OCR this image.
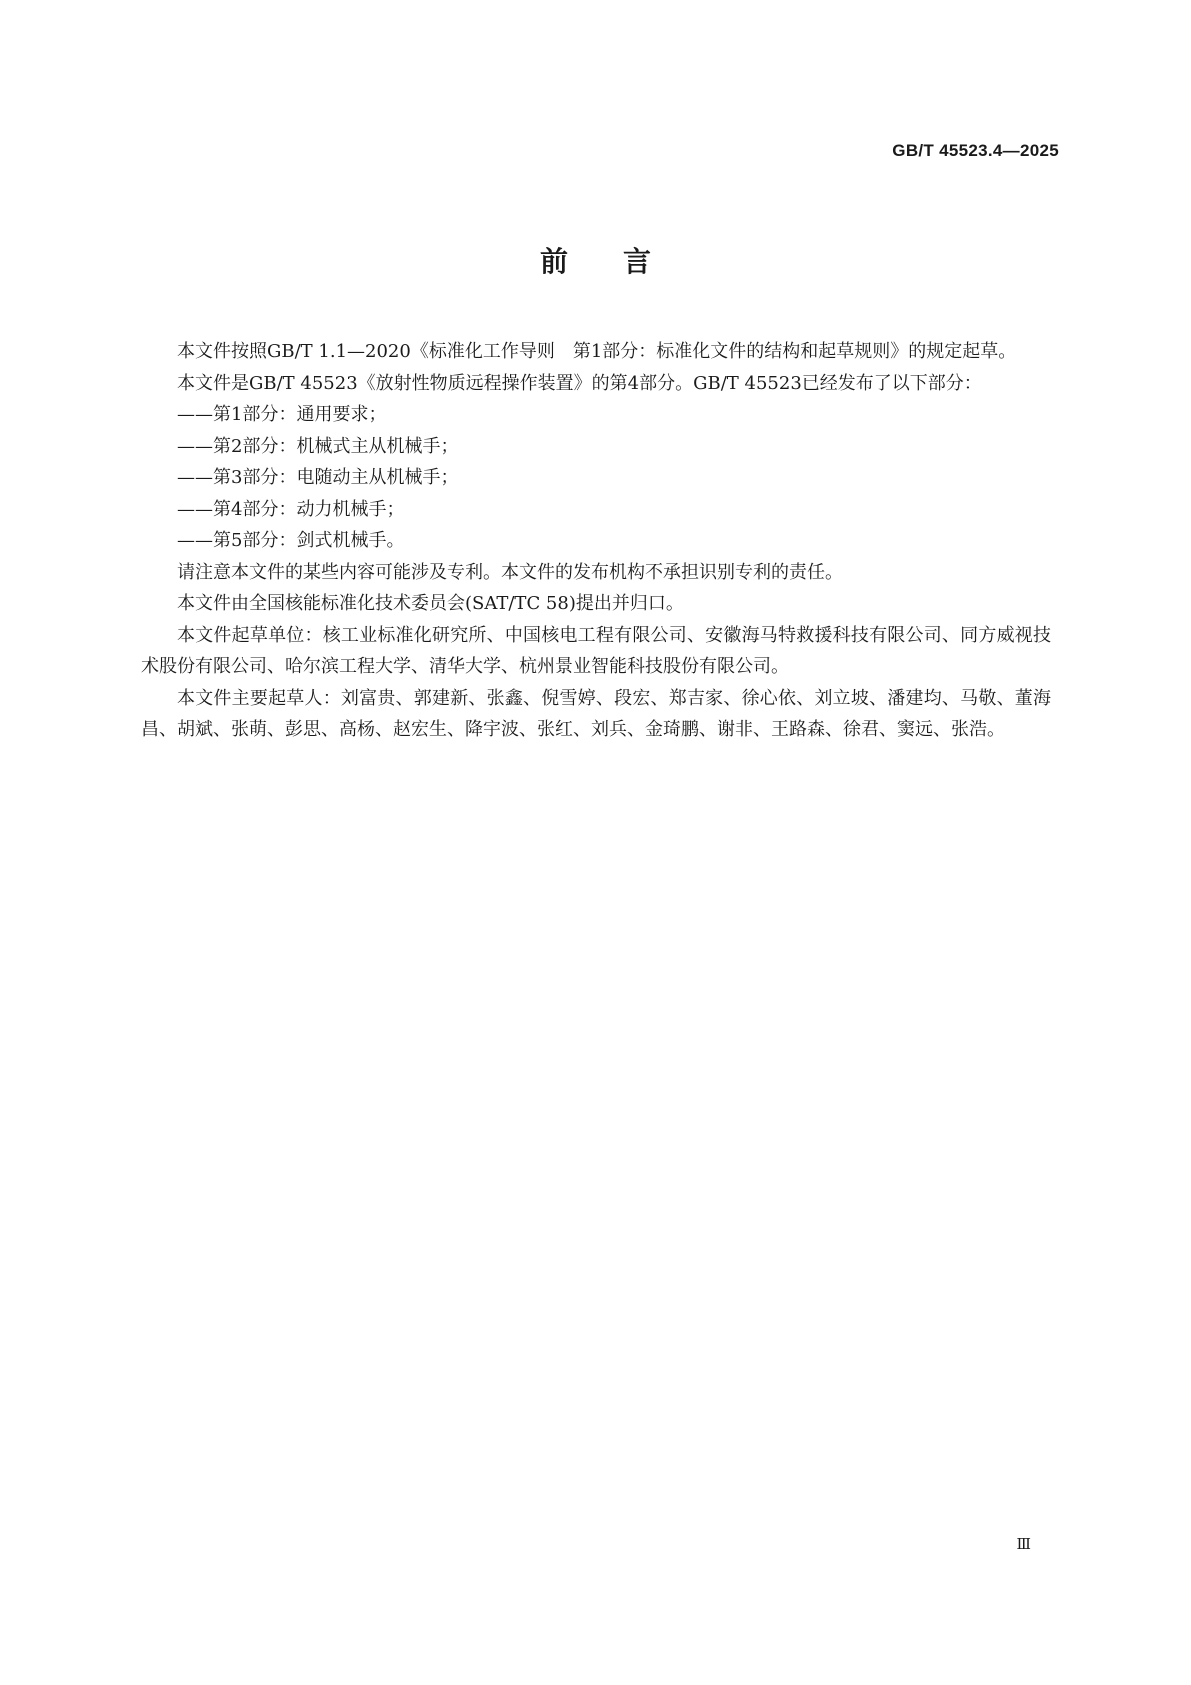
GB/T 45523.4—2025
前言

本文件按照GB/T 1.1—2020《标准化工作导则　第1部分：标准化文件的结构和起草规则》的规定起草。

本文件是GB/T 45523《放射性物质远程操作装置》的第4部分。GB/T 45523已经发布了以下部分：

——第1部分：通用要求；
——第2部分：机械式主从机械手；
——第3部分：电随动主从机械手；
——第4部分：动力机械手；
——第5部分：剑式机械手。

请注意本文件的某些内容可能涉及专利。本文件的发布机构不承担识别专利的责任。

本文件由全国核能标准化技术委员会(SAT/TC 58)提出并归口。

本文件起草单位：核工业标准化研究所、中国核电工程有限公司、安徽海马特救援科技有限公司、同方威视技术股份有限公司、哈尔滨工程大学、清华大学、杭州景业智能科技股份有限公司。

本文件主要起草人：刘富贵、郭建新、张鑫、倪雪婷、段宏、郑吉家、徐心依、刘立坡、潘建均、马敬、董海昌、胡斌、张萌、彭思、高杨、赵宏生、降宇波、张红、刘兵、金琦鹏、谢非、王路森、徐君、窦远、张浩。

Ⅲ
